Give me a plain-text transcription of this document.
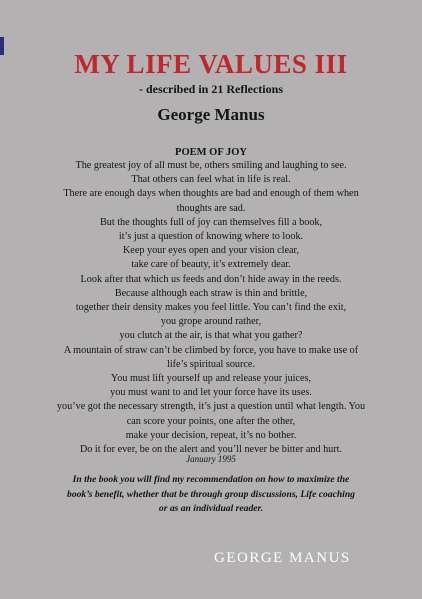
MY LIFE VALUES III
- described in 21 Reflections
George Manus
POEM OF JOY
The greatest joy of all must be, others smiling and laughing to see.
That others can feel what in life is real.
There are enough days when thoughts are bad and enough of them when thoughts are sad.
But the thoughts full of joy can themselves fill a book,
it’s just a question of knowing where to look.
Keep your eyes open and your vision clear,
take care of beauty, it’s extremely dear.
Look after that which us feeds and don’t hide away in the reeds.
Because although each straw is thin and brittle,
together their density makes you feel little. You can’t find the exit,
you grope around rather,
you clutch at the air, is that what you gather?
A mountain of straw can’t be climbed by force, you have to make use of life’s spiritual source.
You must lift yourself up and release your juices,
you must want to and let your force have its uses.
you’ve got the necessary strength, it’s just a question until what length. You can score your points, one after the other,
make your decision, repeat, it’s no bother.
Do it for ever, be on the alert and you’ll never be bitter and hurt.
January 1995
In the book you will find my recommendation on how to maximize the book’s benefit, whether that be through group discussions, Life coaching or as an individual reader.
GEORGE MANUS
